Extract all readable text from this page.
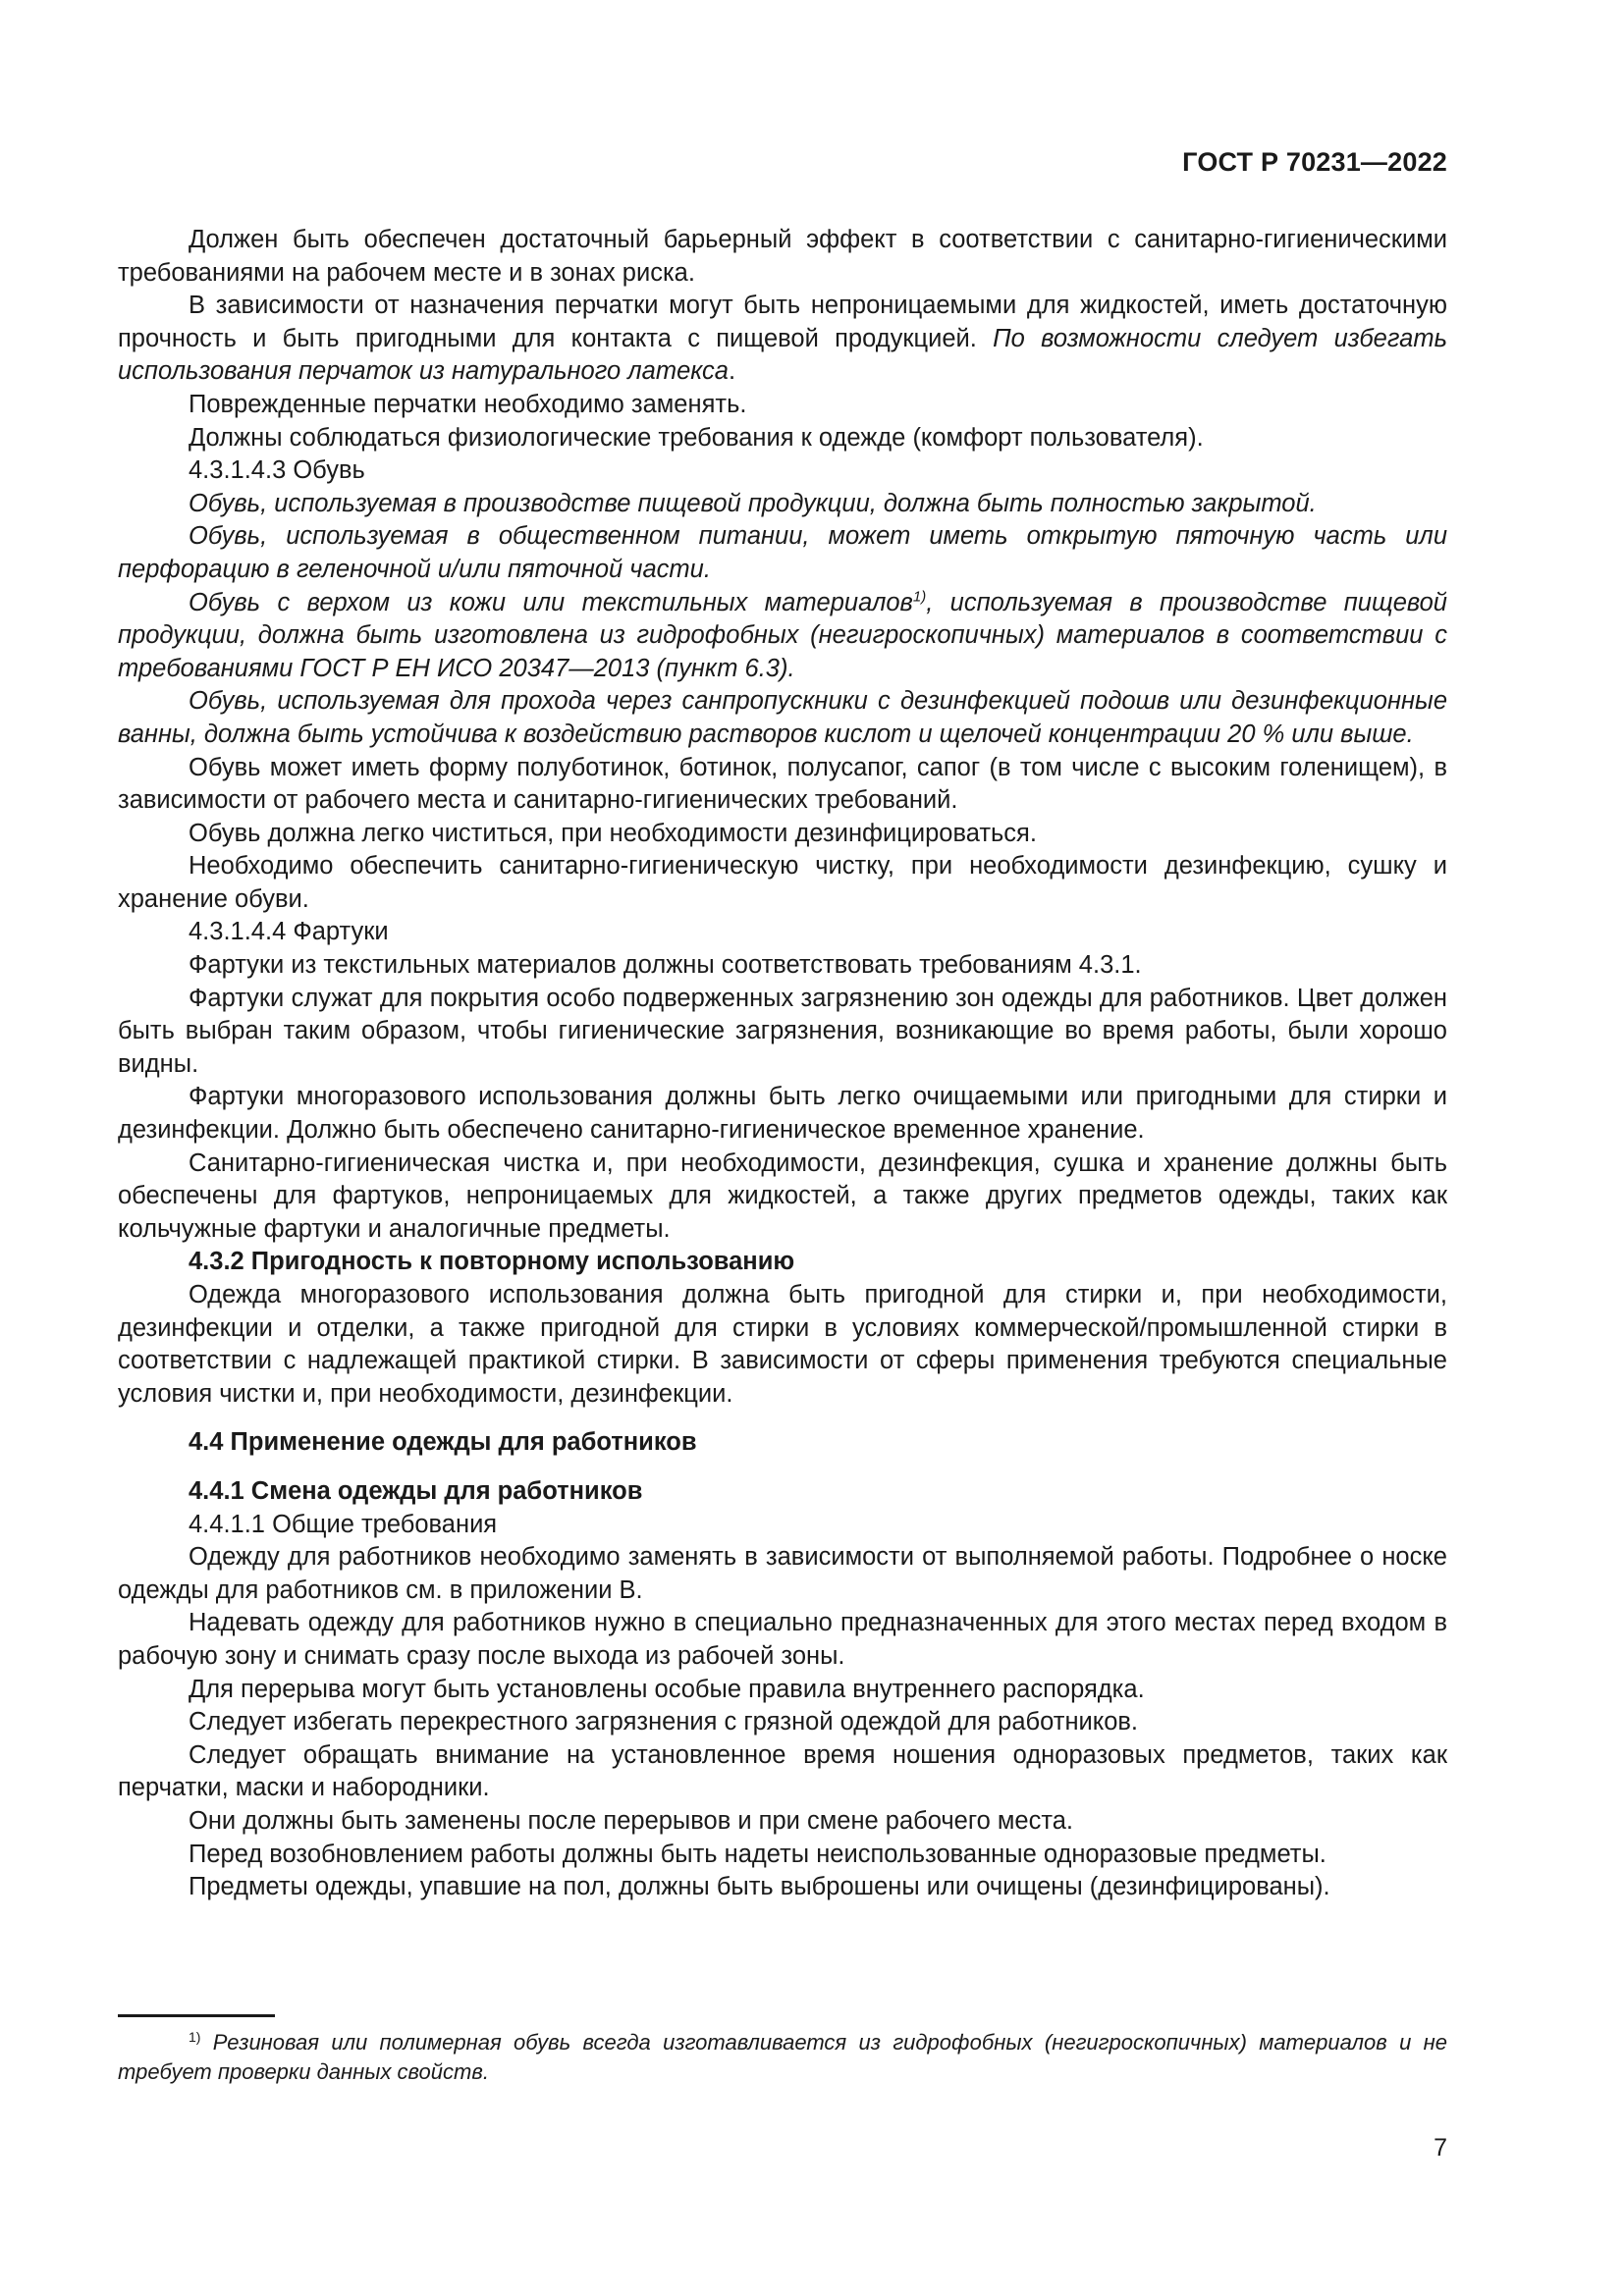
ГОСТ Р 70231—2022

Должен быть обеспечен достаточный барьерный эффект в соответствии с санитарно-гигиеническими требованиями на рабочем месте и в зонах риска.

В зависимости от назначения перчатки могут быть непроницаемыми для жидкостей, иметь достаточную прочность и быть пригодными для контакта с пищевой продукцией. По возможности следует избегать использования перчаток из натурального латекса.

Поврежденные перчатки необходимо заменять.

Должны соблюдаться физиологические требования к одежде (комфорт пользователя).

4.3.1.4.3 Обувь

Обувь, используемая в производстве пищевой продукции, должна быть полностью закрытой.

Обувь, используемая в общественном питании, может иметь открытую пяточную часть или перфорацию в геленочной и/или пяточной части.

Обувь с верхом из кожи или текстильных материалов$^{1)}$, используемая в производстве пищевой продукции, должна быть изготовлена из гидрофобных (негигроскопичных) материалов в соответствии с требованиями ГОСТ Р ЕН ИСО 20347—2013 (пункт 6.3).

Обувь, используемая для прохода через санпропускники с дезинфекцией подошв или дезинфекционные ванны, должна быть устойчива к воздействию растворов кислот и щелочей концентрации 20 % или выше.

Обувь может иметь форму полуботинок, ботинок, полусапог, сапог (в том числе с высоким голенищем), в зависимости от рабочего места и санитарно-гигиенических требований.

Обувь должна легко чиститься, при необходимости дезинфицироваться.

Необходимо обеспечить санитарно-гигиеническую чистку, при необходимости дезинфекцию, сушку и хранение обуви.

4.3.1.4.4 Фартуки

Фартуки из текстильных материалов должны соответствовать требованиям 4.3.1.

Фартуки служат для покрытия особо подверженных загрязнению зон одежды для работников. Цвет должен быть выбран таким образом, чтобы гигиенические загрязнения, возникающие во время работы, были хорошо видны.

Фартуки многоразового использования должны быть легко очищаемыми или пригодными для стирки и дезинфекции. Должно быть обеспечено санитарно-гигиеническое временное хранение.

Санитарно-гигиеническая чистка и, при необходимости, дезинфекция, сушка и хранение должны быть обеспечены для фартуков, непроницаемых для жидкостей, а также других предметов одежды, таких как кольчужные фартуки и аналогичные предметы.

4.3.2 Пригодность к повторному использованию

Одежда многоразового использования должна быть пригодной для стирки и, при необходимости, дезинфекции и отделки, а также пригодной для стирки в условиях коммерческой/промышленной стирки в соответствии с надлежащей практикой стирки. В зависимости от сферы применения требуются специальные условия чистки и, при необходимости, дезинфекции.

4.4 Применение одежды для работников

4.4.1 Смена одежды для работников

4.4.1.1 Общие требования

Одежду для работников необходимо заменять в зависимости от выполняемой работы. Подробнее о носке одежды для работников см. в приложении В.

Надевать одежду для работников нужно в специально предназначенных для этого местах перед входом в рабочую зону и снимать сразу после выхода из рабочей зоны.

Для перерыва могут быть установлены особые правила внутреннего распорядка.

Следует избегать перекрестного загрязнения с грязной одеждой для работников.

Следует обращать внимание на установленное время ношения одноразовых предметов, таких как перчатки, маски и набородники.

Они должны быть заменены после перерывов и при смене рабочего места.

Перед возобновлением работы должны быть надеты неиспользованные одноразовые предметы.

Предметы одежды, упавшие на пол, должны быть выброшены или очищены (дезинфицированы).

$^{1)}$ Резиновая или полимерная обувь всегда изготавливается из гидрофобных (негигроскопичных) материалов и не требует проверки данных свойств.

7
